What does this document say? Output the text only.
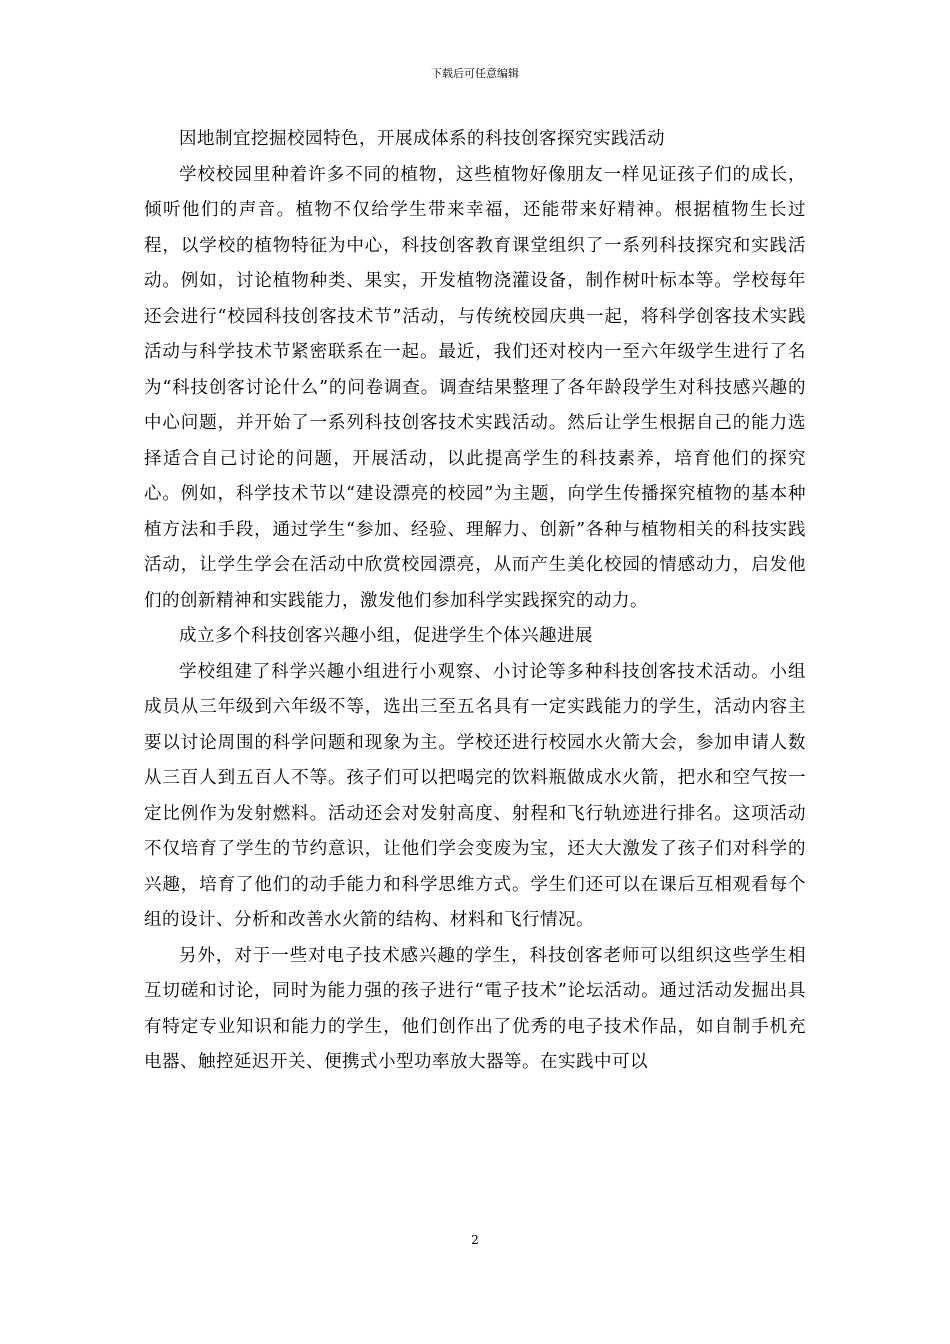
下载后可任意编辑

因地制宜挖掘校园特色，开展成体系的科技创客探究实践活动

学校校园里种着许多不同的植物，这些植物好像朋友一样见证孩子们的成长，倾听他们的声音。植物不仅给学生带来幸福，还能带来好精神。根据植物生长过程，以学校的植物特征为中心，科技创客教育课堂组织了一系列科技探究和实践活动。例如，讨论植物种类、果实，开发植物浇灌设备，制作树叶标本等。学校每年还会进行“校园科技创客技术节”活动，与传统校园庆典一起，将科学创客技术实践活动与科学技术节紧密联系在一起。最近，我们还对校内一至六年级学生进行了名为“科技创客讨论什么”的问卷调查。调查结果整理了各年龄段学生对科技感兴趣的中心问题，并开始了一系列科技创客技术实践活动。然后让学生根据自己的能力选择适合自己讨论的问题，开展活动，以此提高学生的科技素养，培育他们的探究心。例如，科学技术节以“建设漂亮的校园”为主题，向学生传播探究植物的基本种植方法和手段，通过学生“参加、经验、理解力、创新”各种与植物相关的科技实践活动，让学生学会在活动中欣赏校园漂亮，从而产生美化校园的情感动力，启发他们的创新精神和实践能力，激发他们参加科学实践探究的动力。

成立多个科技创客兴趣小组，促进学生个体兴趣进展

学校组建了科学兴趣小组进行小观察、小讨论等多种科技创客技术活动。小组成员从三年级到六年级不等，选出三至五名具有一定实践能力的学生，活动内容主要以讨论周围的科学问题和现象为主。学校还进行校园水火箭大会，参加申请人数从三百人到五百人不等。孩子们可以把喝完的饮料瓶做成水火箭，把水和空气按一定比例作为发射燃料。活动还会对发射高度、射程和飞行轨迹进行排名。这项活动不仅培育了学生的节约意识，让他们学会变废为宝，还大大激发了孩子们对科学的兴趣，培育了他们的动手能力和科学思维方式。学生们还可以在课后互相观看每个组的设计、分析和改善水火箭的结构、材料和飞行情况。

另外，对于一些对电子技术感兴趣的学生，科技创客老师可以组织这些学生相互切磋和讨论，同时为能力强的孩子进行“電子技术”论坛活动。通过活动发掘出具有特定专业知识和能力的学生，他们创作出了优秀的电子技术作品，如自制手机充电器、触控延迟开关、便携式小型功率放大器等。在实践中可以

2
